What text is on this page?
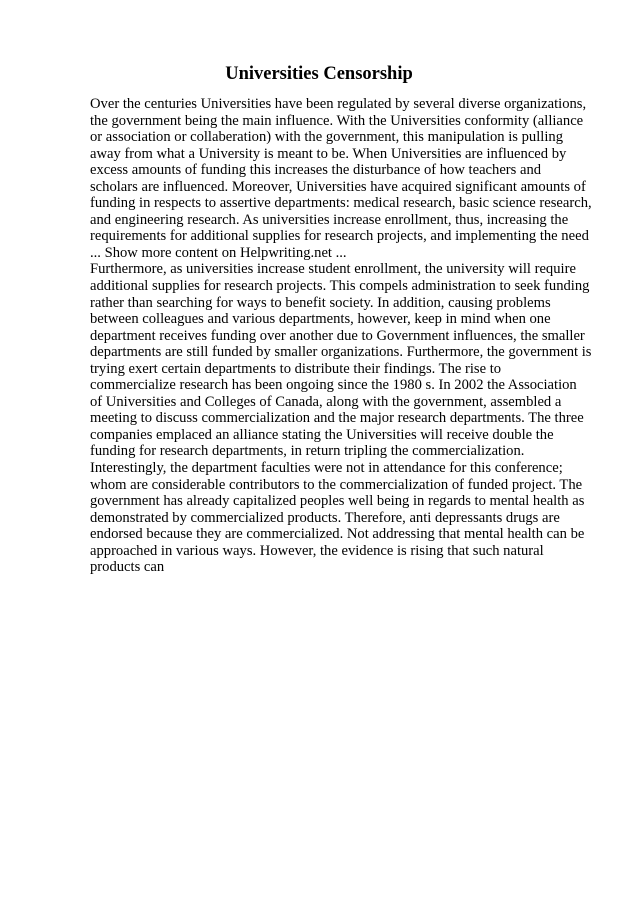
Universities Censorship
Over the centuries Universities have been regulated by several diverse organizations,
the government being the main influence. With the Universities conformity (alliance
or association or collaberation) with the government, this manipulation is pulling
away from what a University is meant to be. When Universities are influenced by
excess amounts of funding this increases the disturbance of how teachers and
scholars are influenced. Moreover, Universities have acquired significant amounts of
funding in respects to assertive departments: medical research, basic science research,
and engineering research. As universities increase enrollment, thus, increasing the
requirements for additional supplies for research projects, and implementing the need
... Show more content on Helpwriting.net ...
Furthermore, as universities increase student enrollment, the university will require
additional supplies for research projects. This compels administration to seek funding
rather than searching for ways to benefit society. In addition, causing problems
between colleagues and various departments, however, keep in mind when one
department receives funding over another due to Government influences, the smaller
departments are still funded by smaller organizations. Furthermore, the government is
trying exert certain departments to distribute their findings. The rise to
commercialize research has been ongoing since the 1980 s. In 2002 the Association
of Universities and Colleges of Canada, along with the government, assembled a
meeting to discuss commercialization and the major research departments. The three
companies emplaced an alliance stating the Universities will receive double the
funding for research departments, in return tripling the commercialization.
Interestingly, the department faculties were not in attendance for this conference;
whom are considerable contributors to the commercialization of funded project. The
government has already capitalized peoples well being in regards to mental health as
demonstrated by commercialized products. Therefore, anti depressants drugs are
endorsed because they are commercialized. Not addressing that mental health can be
approached in various ways. However, the evidence is rising that such natural
products can
